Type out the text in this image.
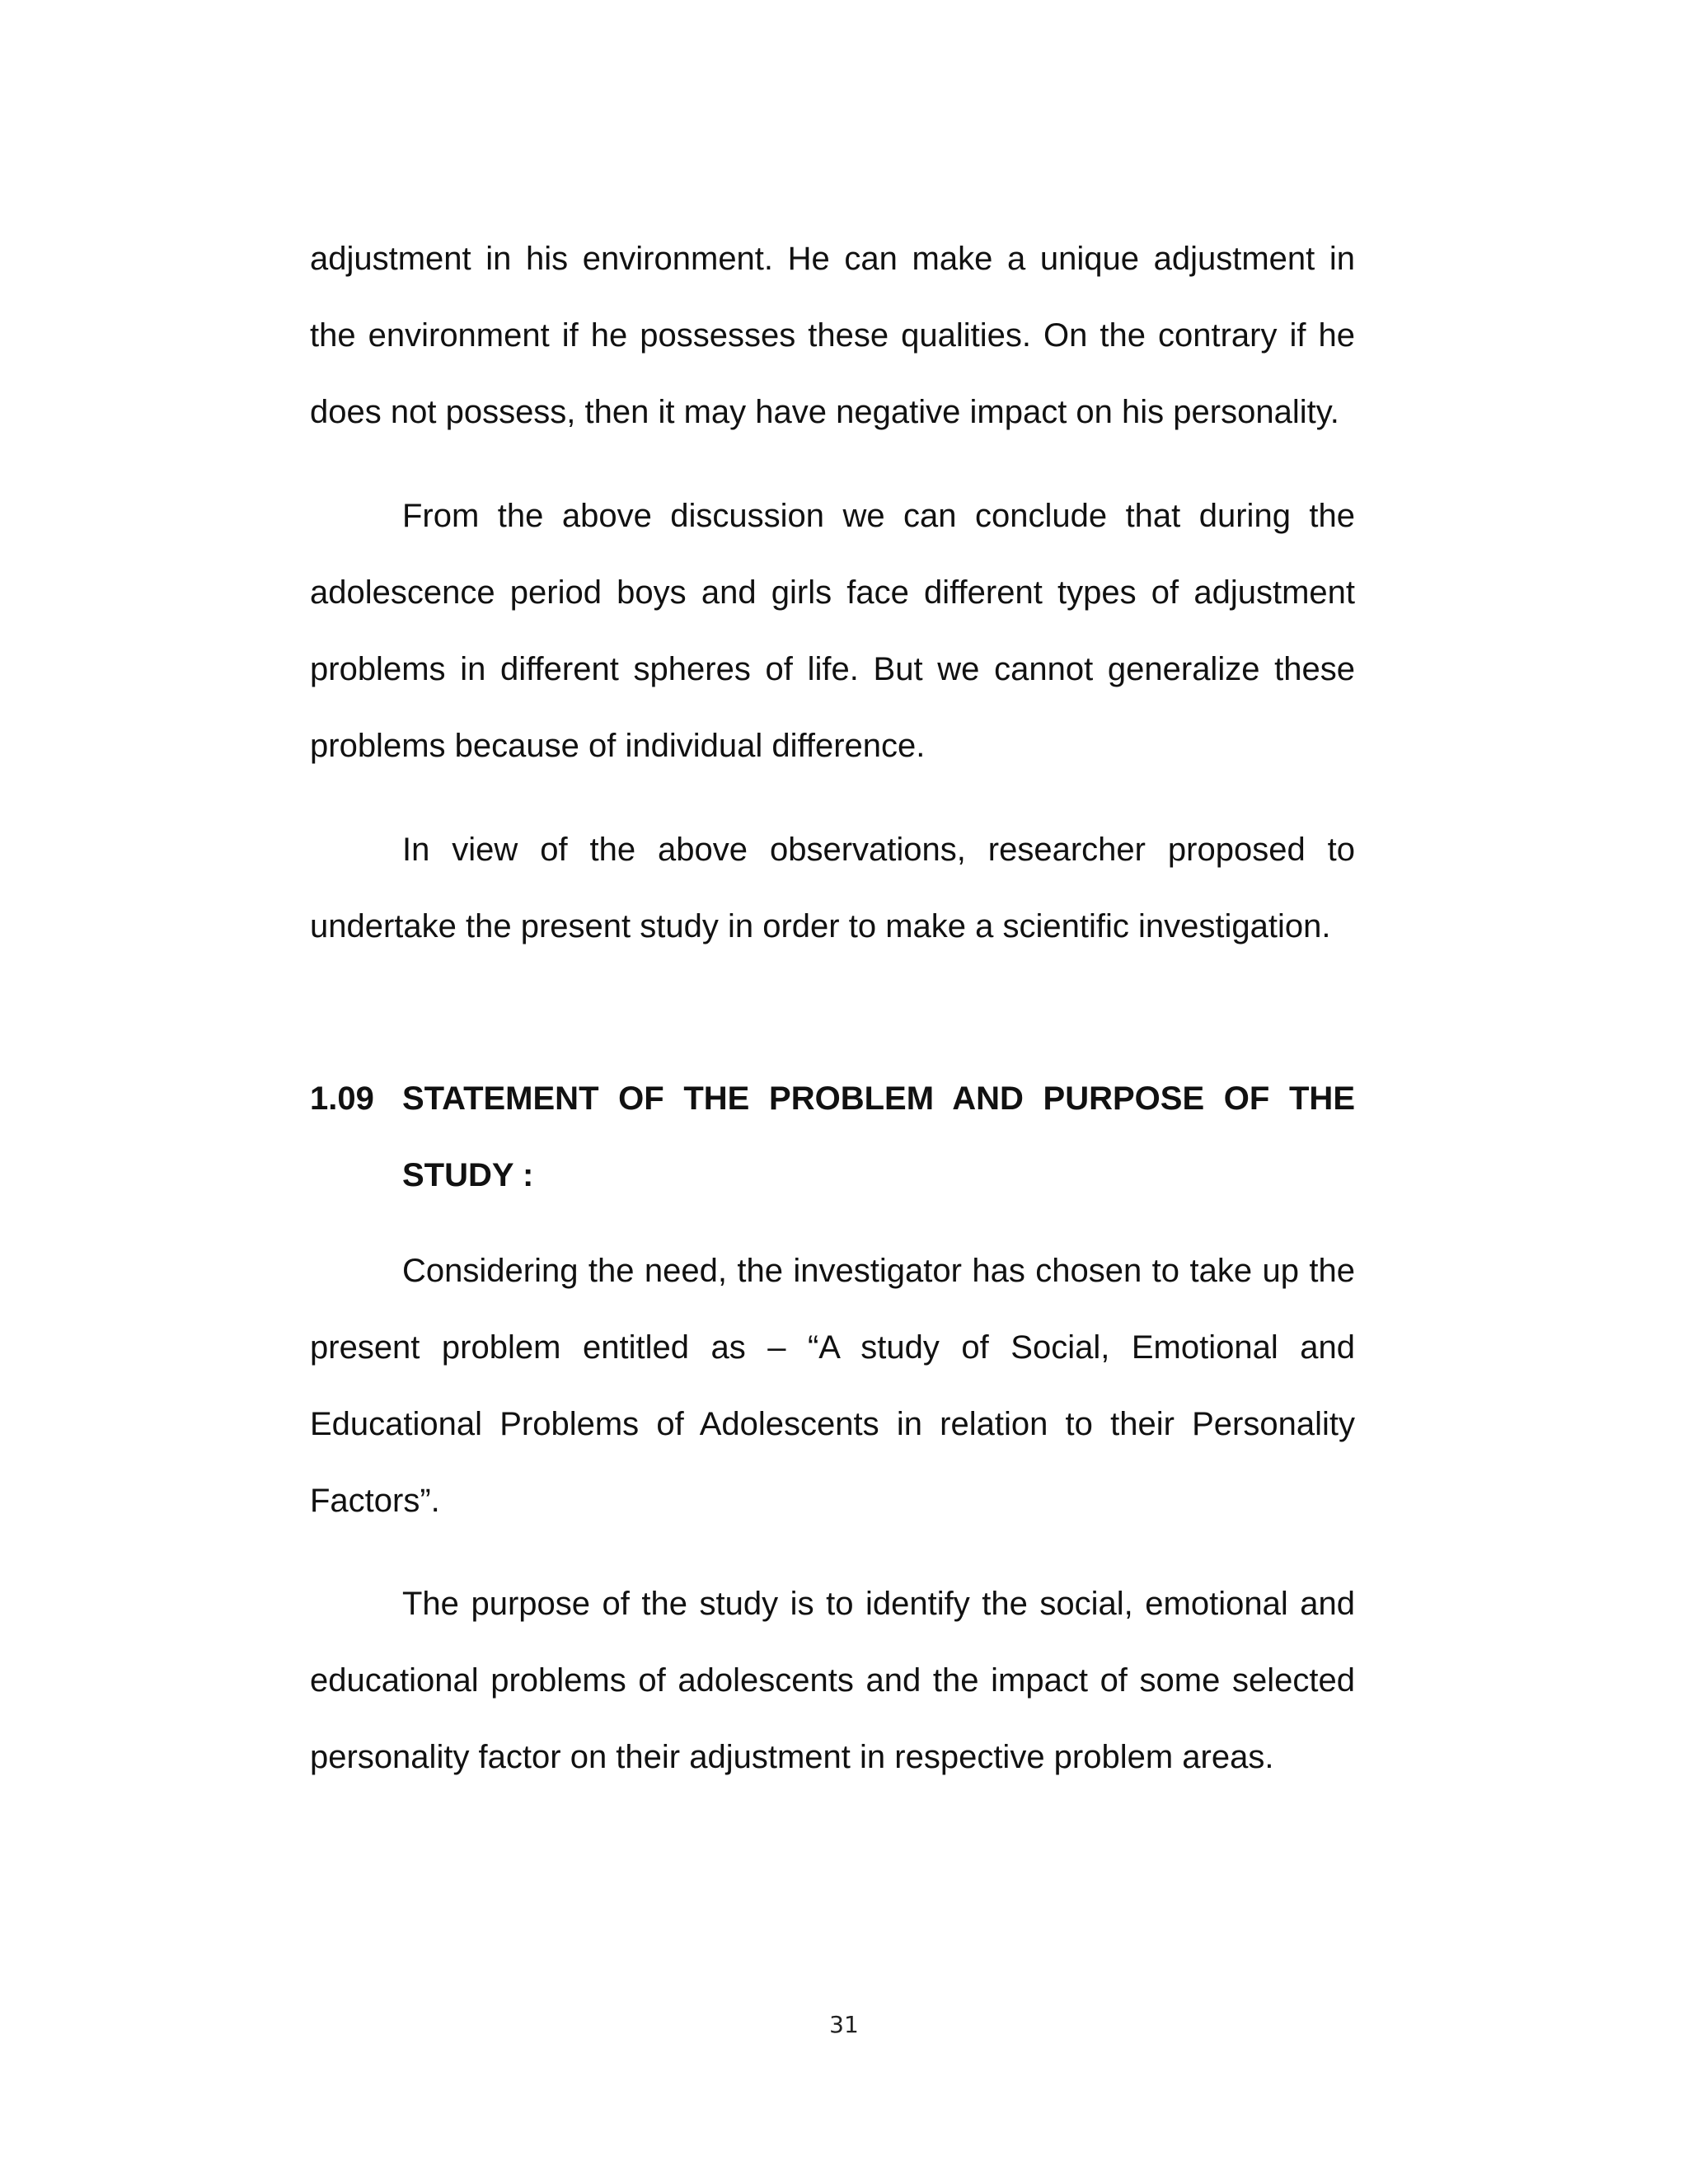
adjustment in his environment. He can make a unique adjustment in the environment if he possesses these qualities. On the contrary if he does not possess, then it may have negative impact on his personality.

From the above discussion we can conclude that during the adolescence period boys and girls face different types of adjustment problems in different spheres of life. But we cannot generalize these problems because of individual difference.

In view of the above observations, researcher proposed to undertake the present study in order to make a scientific investigation.

1.09 STATEMENT OF THE PROBLEM AND PURPOSE OF THE
STUDY :

Considering the need, the investigator has chosen to take up the present problem entitled as – “A study of Social, Emotional and Educational Problems of Adolescents in relation to their Personality Factors”.

The purpose of the study is to identify the social, emotional and educational problems of adolescents and the impact of some selected personality factor on their adjustment in respective problem areas.

31
